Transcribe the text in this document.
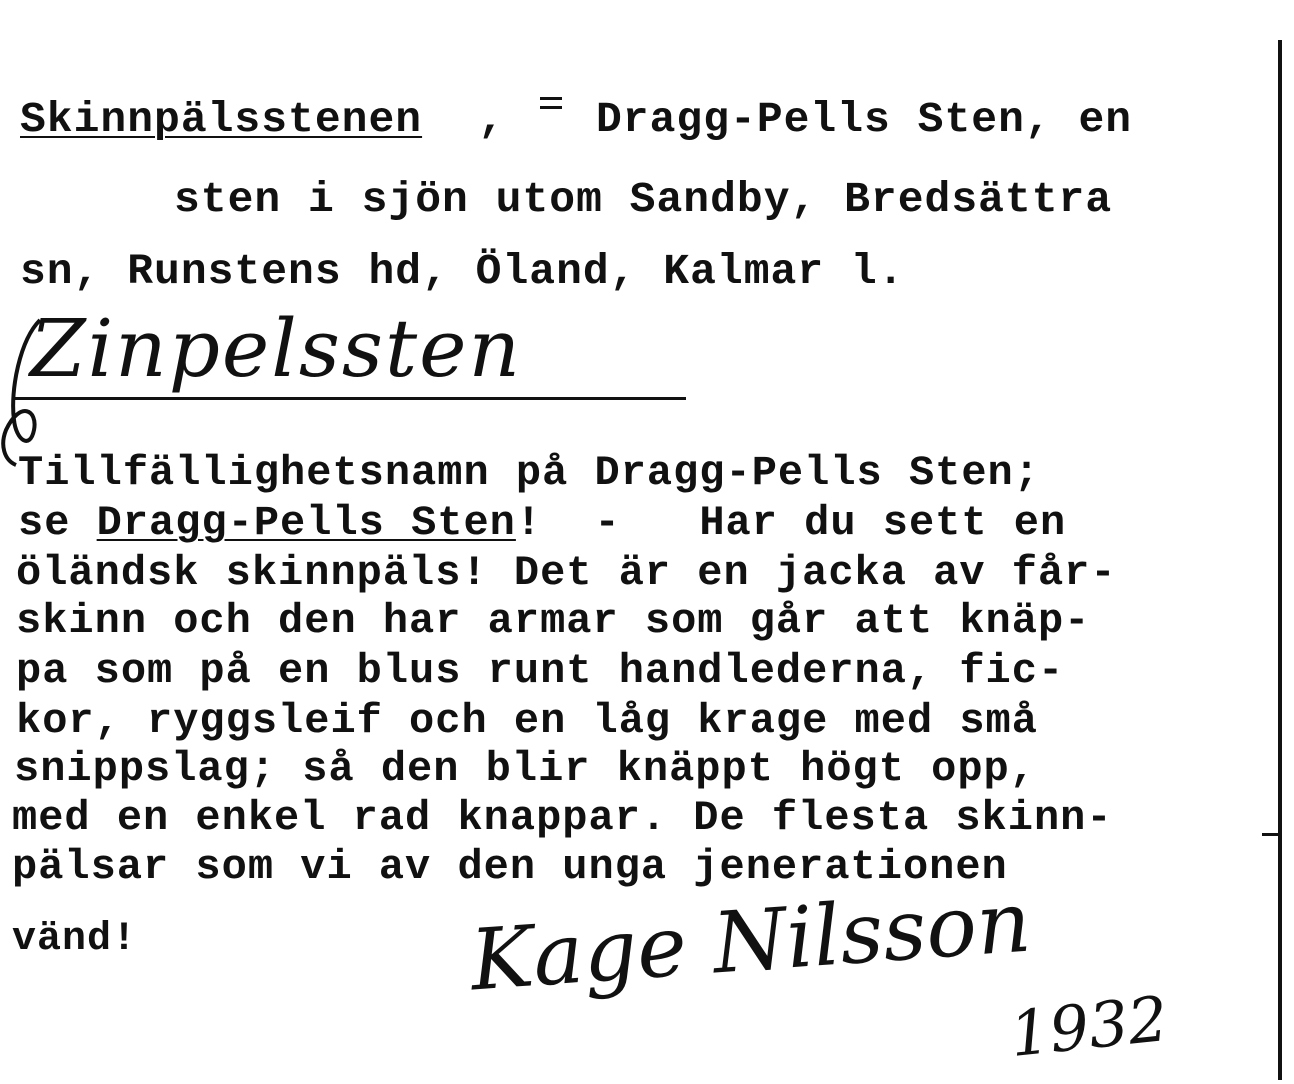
Skinnpälsstenen , Dragg-Pells Sten, en
sten i sjön utom Sandby, Bredsättra
sn, Runstens hd, Öland, Kalmar l.
Zinpelssten
Tillfällighetsnamn på Dragg-Pells Sten;
se Dragg-Pells Sten!  -   Har du sett en
öländsk skinnpäls! Det är en jacka av får-
skinn och den har armar som går att knäp-
pa som på en blus runt handlederna, fic-
kor, ryggsleif och en låg krage med små
snippslag; så den blir knäppt högt opp,
med en enkel rad knappar. De flesta skinn-
pälsar som vi av den unga jenerationen
vänd!	Kage Nilsson
1932
